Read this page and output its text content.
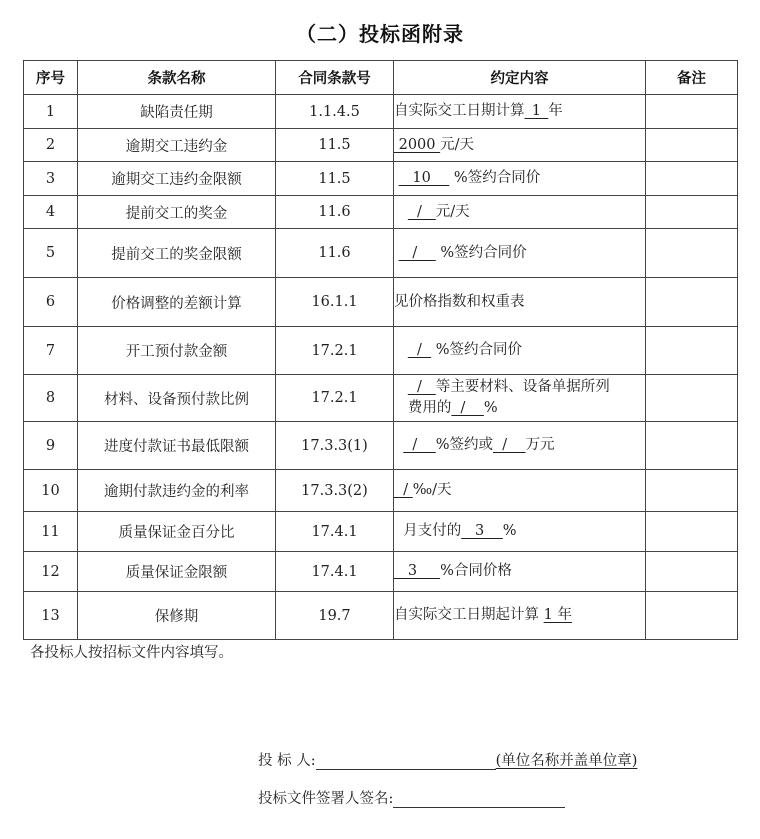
（二）投标函附录
序号	条款名称	合同条款号	约定内容	备注
1	缺陷责任期	1.1.4.5	自实际交工日期计算_1_年	
2	逾期交工违约金	11.5	2000 元/天	
3	逾期交工违约金限额	11.5	10     %签约合同价	
4	提前交工的奖金	11.6	/   元/天	
5	提前交工的奖金限额	11.6	/     %签约合同价	
6	价格调整的差额计算	16.1.1	见价格指数和权重表	
7	开工预付款金额	17.2.1	/   %签约合同价	
8	材料、设备预付款比例	17.2.1	/   等主要材料、设备单据所列
费用的  /    %	
9	进度付款证书最低限额	17.3.3(1)	/    %签约或  /    万元	
10	逾期付款违约金的利率	17.3.3(2)	/ ‰/天	
11	质量保证金百分比	17.4.1	月支付的   3    %	
12	质量保证金限额	17.4.1	3     %合同价格	
13	保修期	19.7	自实际交工日期起计算 1 年	
各投标人按招标文件内容填写。
投 标 人:	(单位名称并盖单位章)
投标文件签署人签名:
